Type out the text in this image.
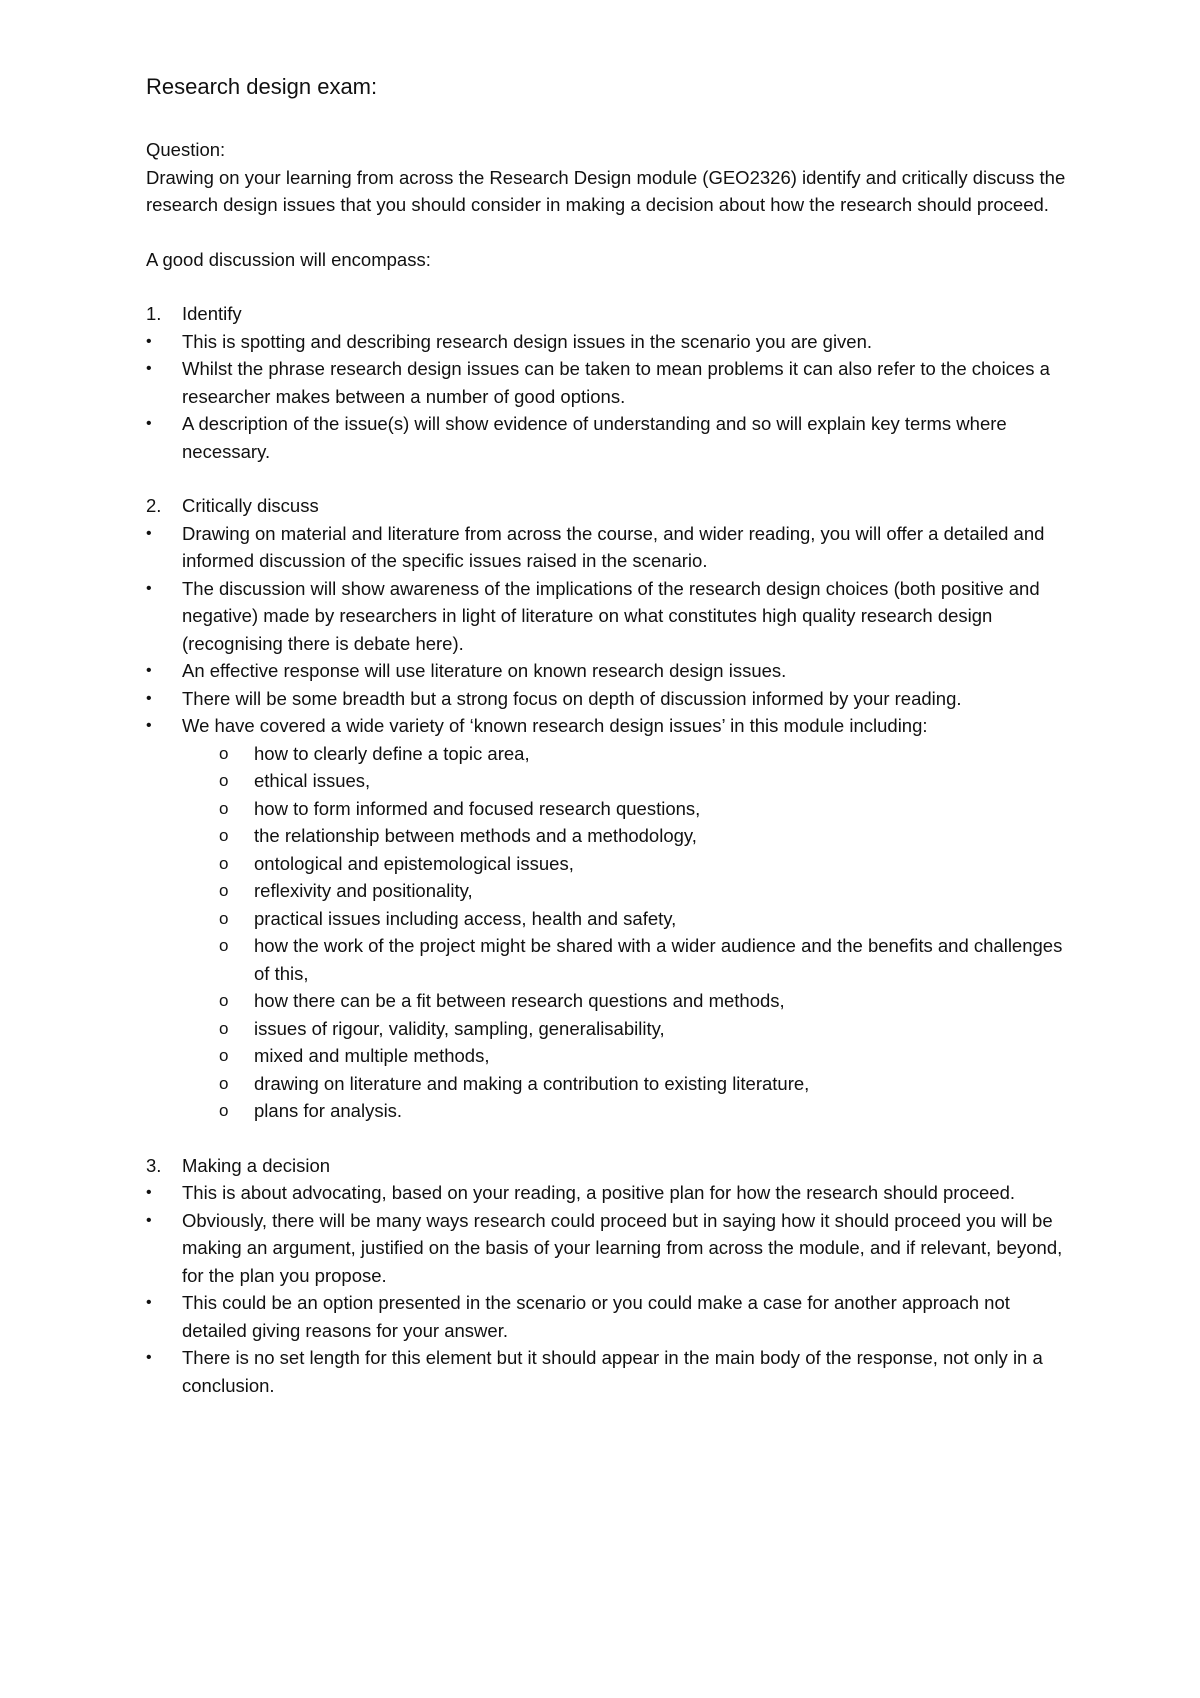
Research design exam:

Question:

Drawing on your learning from across the Research Design module (GEO2326) identify and critically discuss the research design issues that you should consider in making a decision about how the research should proceed.

A good discussion will encompass:

1.	Identify
•	This is spotting and describing research design issues in the scenario you are given.
•	Whilst the phrase research design issues can be taken to mean problems it can also refer to the choices a researcher makes between a number of good options.
•	A description of the issue(s) will show evidence of understanding and so will explain key terms where necessary.
2.	Critically discuss
•	Drawing on material and literature from across the course, and wider reading, you will offer a detailed and informed discussion of the specific issues raised in the scenario.
•	The discussion will show awareness of the implications of the research design choices (both positive and negative) made by researchers in light of literature on what constitutes high quality research design (recognising there is debate here).
•	An effective response will use literature on known research design issues.
•	There will be some breadth but a strong focus on depth of discussion informed by your reading.
•	We have covered a wide variety of ‘known research design issues’ in this module including:
o how to clearly define a topic area,
o ethical issues,
o how to form informed and focused research questions,
o the relationship between methods and a methodology,
o ontological and epistemological issues,
o reflexivity and positionality,
o practical issues including access, health and safety,
o how the work of the project might be shared with a wider audience and the benefits and challenges of this,
o how there can be a fit between research questions and methods,
o issues of rigour, validity, sampling, generalisability,
o mixed and multiple methods,
o drawing on literature and making a contribution to existing literature,
o plans for analysis.
3.	Making a decision
•	This is about advocating, based on your reading, a positive plan for how the research should proceed.
•	Obviously, there will be many ways research could proceed but in saying how it should proceed you will be making an argument, justified on the basis of your learning from across the module, and if relevant, beyond, for the plan you propose.
•	This could be an option presented in the scenario or you could make a case for another approach not detailed giving reasons for your answer.
•	There is no set length for this element but it should appear in the main body of the response, not only in a conclusion.
